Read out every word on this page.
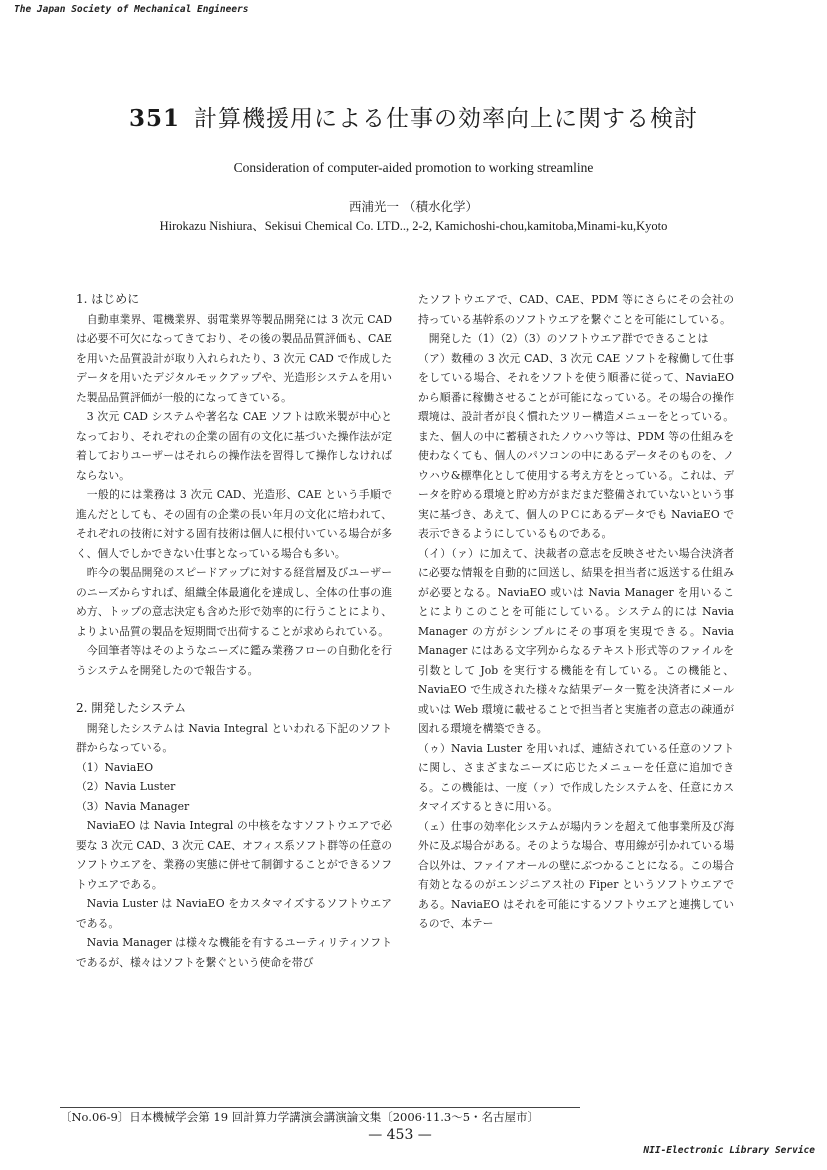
The Japan Society of Mechanical Engineers
351 計算機援用による仕事の効率向上に関する検討
Consideration of computer-aided promotion to working streamline
西浦光一 （積水化学）
Hirokazu Nishiura、Sekisui Chemical Co. LTD.., 2-2, Kamichoshi-chou,kamitoba,Minami-ku,Kyoto
1. はじめに

自動車業界、電機業界、弱電業界等製品開発には 3 次元 CAD は必要不可欠になってきており、その後の製品品質評価も、CAE を用いた品質設計が取り入れられたり、3 次元 CAD で作成したデータを用いたデジタルモックアップや、光造形システムを用いた製品品質評価が一般的になってきている。

3 次元 CAD システムや著名な CAE ソフトは欧米製が中心となっており、それぞれの企業の固有の文化に基づいた操作法が定着しておりユーザーはそれらの操作法を習得して操作しなければならない。

一般的には業務は 3 次元 CAD、光造形、CAE という手順で進んだとしても、その固有の企業の長い年月の文化に培われて、それぞれの技術に対する固有技術は個人に根付いている場合が多く、個人でしかできない仕事となっている場合も多い。

昨今の製品開発のスピードアップに対する経営層及びユーザーのニーズからすれば、組織全体最適化を達成し、全体の仕事の進め方、トップの意志決定も含めた形で効率的に行うことにより、よりよい品質の製品を短期間で出荷することが求められている。

今回筆者等はそのようなニーズに鑑み業務フローの自動化を行うシステムを開発したので報告する。

2. 開発したシステム

開発したシステムは Navia Integral といわれる下記のソフト群からなっている。

（1）NaviaEO

（2）Navia Luster

（3）Navia Manager

NaviaEO は Navia Integral の中核をなすソフトウエアで必要な 3 次元 CAD、3 次元 CAE、オフィス系ソフト群等の任意のソフトウエアを、業務の実態に併せて制御することができるソフトウエアである。

Navia Luster は NaviaEO をカスタマイズするソフトウエアである。

Navia Manager は様々な機能を有するユーティリティソフトであるが、様々はソフトを繋ぐという使命を帯び

たソフトウエアで、CAD、CAE、PDM 等にさらにその会社の持っている基幹系のソフトウエアを繋ぐことを可能にしている。

開発した（1）（2）（3）のソフトウエア群でできることは

（ア）数種の 3 次元 CAD、3 次元 CAE ソフトを稼働して仕事をしている場合、それをソフトを使う順番に従って、NaviaEO から順番に稼働させることが可能になっている。その場合の操作環境は、設計者が良く慣れたツリー構造メニューをとっている。また、個人の中に蓄積されたノウハウ等は、PDM 等の仕組みを使わなくても、個人のパソコンの中にあるデータそのものを、ノウハウ&標準化として使用する考え方をとっている。これは、データを貯める環境と貯め方がまだまだ整備されていないという事実に基づき、あえて、個人のＰＣにあるデータでも NaviaEO で表示できるようにしているものである。

（イ）（ァ）に加えて、決裁者の意志を反映させたい場合決済者に必要な情報を自動的に回送し、結果を担当者に返送する仕組みが必要となる。NaviaEO 或いは Navia Manager を用いることによりこのことを可能にしている。システム的には Navia Manager の方がシンプルにその事項を実現できる。Navia Manager にはある文字列からなるテキスト形式等のファイルを引数として Job を実行する機能を有している。この機能と、NaviaEO で生成された様々な結果データ一覧を決済者にメール或いは Web 環境に載せることで担当者と実施者の意志の疎通が図れる環境を構築できる。

（ゥ）Navia Luster を用いれば、連結されている任意のソフトに関し、さまざまなニーズに応じたメニューを任意に追加できる。この機能は、一度（ァ）で作成したシステムを、任意にカスタマイズするときに用いる。

（ェ）仕事の効率化システムが場内ランを超えて他事業所及び海外に及ぶ場合がある。そのような場合、専用線が引かれている場合以外は、ファイアオールの壁にぶつかることになる。この場合有効となるのがエンジニアス社の Fiper というソフトウエアである。NaviaEO はそれを可能にするソフトウエアと連携しているので、本テー

〔No.06-9〕日本機械学会第 19 回計算力学講演会講演論文集〔2006·11.3〜5・名古屋市〕
— 453 —
NII-Electronic Library Service
